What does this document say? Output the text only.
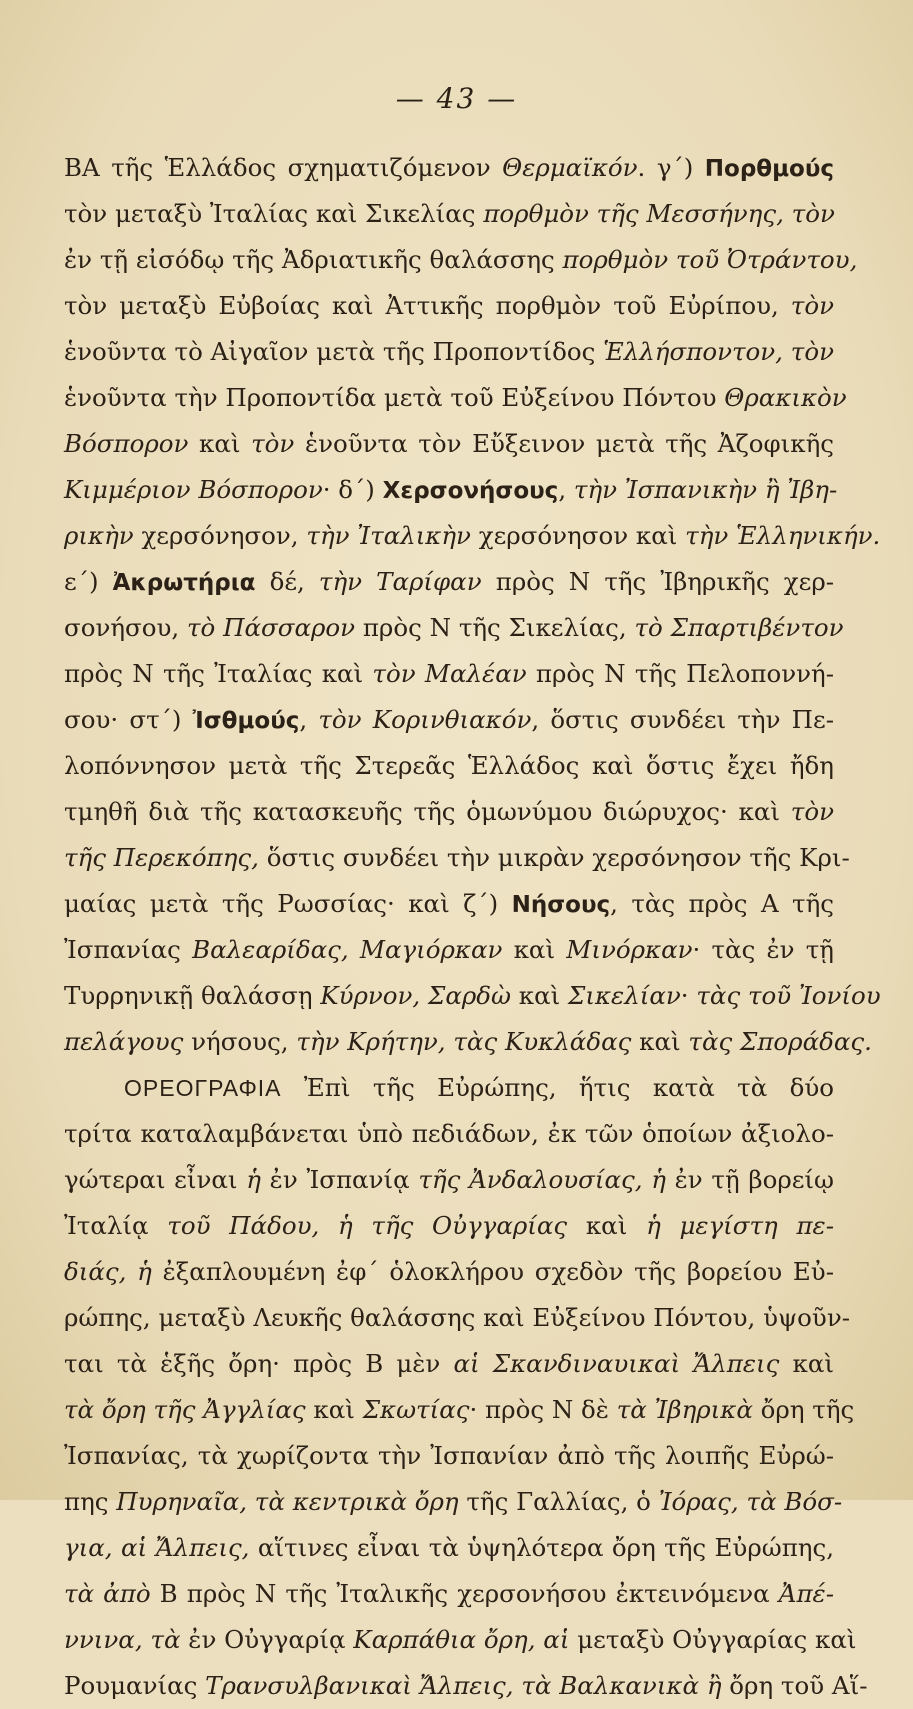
— 43 —
ΒΑ τῆς Ἑλλάδος σχηματιζόμενον Θερμαϊκόν. γ΄) Πορθμούς
τὸν μεταξὺ Ἰταλίας καὶ Σικελίας πορθμὸν τῆς Μεσσήνης, τὸν
ἐν τῇ εἰσόδῳ τῆς Ἀδριατικῆς θαλάσσης πορθμὸν τοῦ Ὀτράντου,
τὸν μεταξὺ Εὐβοίας καὶ Ἀττικῆς πορθμὸν τοῦ Εὐρίπου, τὸν
ἑνοῦντα τὸ Αἰγαῖον μετὰ τῆς Προποντίδος Ἑλλήσποντον, τὸν
ἑνοῦντα τὴν Προποντίδα μετὰ τοῦ Εὐξείνου Πόντου Θρακικὸν
Βόσπορον καὶ τὸν ἑνοῦντα τὸν Εὔξεινον μετὰ τῆς Ἀζοφικῆς
Κιμμέριον Βόσπορον· δ΄) Χερσονήσους, τὴν Ἰσπανικὴν ἢ Ἰβη-
ρικὴν χερσόνησον, τὴν Ἰταλικὴν χερσόνησον καὶ τὴν Ἑλληνικήν.
ε΄) Ἀκρωτήρια δέ, τὴν Ταρίφαν πρὸς Ν τῆς Ἰβηρικῆς χερ-
σονήσου, τὸ Πάσσαρον πρὸς Ν τῆς Σικελίας, τὸ Σπαρτιβέντον
πρὸς Ν τῆς Ἰταλίας καὶ τὸν Μαλέαν πρὸς Ν τῆς Πελοποννή-
σου· στ΄) Ἰσθμούς, τὸν Κορινθιακόν, ὅστις συνδέει τὴν Πε-
λοπόννησον μετὰ τῆς Στερεᾶς Ἑλλάδος καὶ ὅστις ἔχει ἤδη
τμηθῆ διὰ τῆς κατασκευῆς τῆς ὁμωνύμου διώρυχος· καὶ τὸν
τῆς Περεκόπης, ὅστις συνδέει τὴν μικρὰν χερσόνησον τῆς Κρι-
μαίας μετὰ τῆς Ρωσσίας· καὶ ζ΄) Νήσους, τὰς πρὸς Α τῆς
Ἰσπανίας Βαλεαρίδας, Μαγιόρκαν καὶ Μινόρκαν· τὰς ἐν τῇ
Τυρρηνικῇ θαλάσσῃ Κύρνον, Σαρδὼ καὶ Σικελίαν· τὰς τοῦ Ἰονίου
πελάγους νήσους, τὴν Κρήτην, τὰς Κυκλάδας καὶ τὰς Σποράδας.
ΟΡΕΟΓΡΑΦΙΑ Ἐπὶ τῆς Εὐρώπης, ἥτις κατὰ τὰ δύο
τρίτα καταλαμβάνεται ὑπὸ πεδιάδων, ἐκ τῶν ὁποίων ἀξιολο-
γώτεραι εἶναι ἡ ἐν Ἰσπανίᾳ τῆς Ἀνδαλουσίας, ἡ ἐν τῇ βορείῳ
Ἰταλίᾳ τοῦ Πάδου, ἡ τῆς Οὐγγαρίας καὶ ἡ μεγίστη πε-
διάς, ἡ ἐξαπλουμένη ἐφ΄ ὁλοκλήρου σχεδὸν τῆς βορείου Εὐ-
ρώπης, μεταξὺ Λευκῆς θαλάσσης καὶ Εὐξείνου Πόντου, ὑψοῦν-
ται τὰ ἑξῆς ὄρη· πρὸς Β μὲν αἱ Σκανδιναυικαὶ Ἄλπεις καὶ
τὰ ὄρη τῆς Ἀγγλίας καὶ Σκωτίας· πρὸς Ν δὲ τὰ Ἰβηρικὰ ὄρη τῆς
Ἰσπανίας, τὰ χωρίζοντα τὴν Ἰσπανίαν ἀπὸ τῆς λοιπῆς Εὐρώ-
πης Πυρηναῖα, τὰ κεντρικὰ ὄρη τῆς Γαλλίας, ὁ Ἰόρας, τὰ Βόσ-
για, αἱ Ἄλπεις, αἵτινες εἶναι τὰ ὑψηλότερα ὄρη τῆς Εὐρώπης,
τὰ ἀπὸ Β πρὸς Ν τῆς Ἰταλικῆς χερσονήσου ἐκτεινόμενα Ἀπέ-
ννινα, τὰ ἐν Οὐγγαρίᾳ Καρπάθια ὄρη, αἱ μεταξὺ Οὐγγαρίας καὶ
Ρουμανίας Τρανσυλβανικαὶ Ἄλπεις, τὰ Βαλκανικὰ ἢ ὄρη τοῦ Αἵ-
